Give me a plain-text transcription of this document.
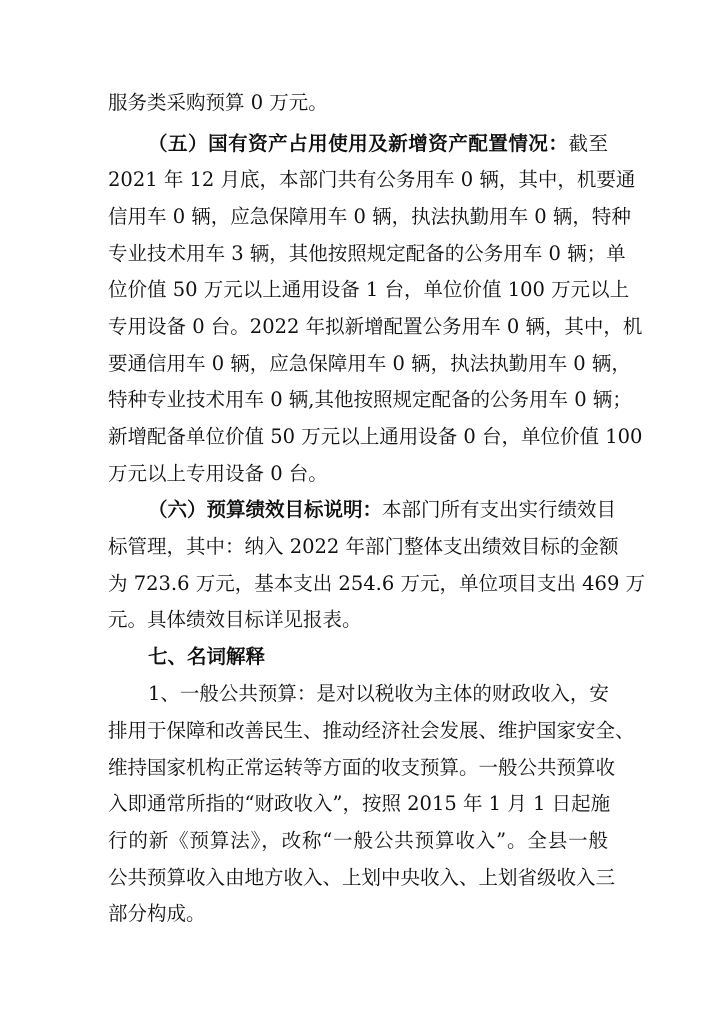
服务类采购预算 0 万元。
（五）国有资产占用使用及新增资产配置情况：截至
2021 年 12 月底，本部门共有公务用车 0 辆，其中，机要通
信用车 0 辆，应急保障用车 0 辆，执法执勤用车 0 辆，特种
专业技术用车 3 辆，其他按照规定配备的公务用车 0 辆；单
位价值 50 万元以上通用设备 1 台，单位价值 100 万元以上
专用设备 0 台。2022 年拟新增配置公务用车 0 辆，其中，机
要通信用车 0 辆，应急保障用车 0 辆，执法执勤用车 0 辆，
特种专业技术用车 0 辆,其他按照规定配备的公务用车 0 辆；
新增配备单位价值 50 万元以上通用设备 0 台，单位价值 100
万元以上专用设备 0 台。
（六）预算绩效目标说明：本部门所有支出实行绩效目
标管理，其中：纳入 2022 年部门整体支出绩效目标的金额
为 723.6 万元，基本支出 254.6 万元，单位项目支出 469 万
元。具体绩效目标详见报表。
七、名词解释
1、一般公共预算：是对以税收为主体的财政收入，安
排用于保障和改善民生、推动经济社会发展、维护国家安全、
维持国家机构正常运转等方面的收支预算。一般公共预算收
入即通常所指的“财政收入”，按照 2015 年 1 月 1 日起施
行的新《预算法》，改称“一般公共预算收入”。全县一般
公共预算收入由地方收入、上划中央收入、上划省级收入三
部分构成。
